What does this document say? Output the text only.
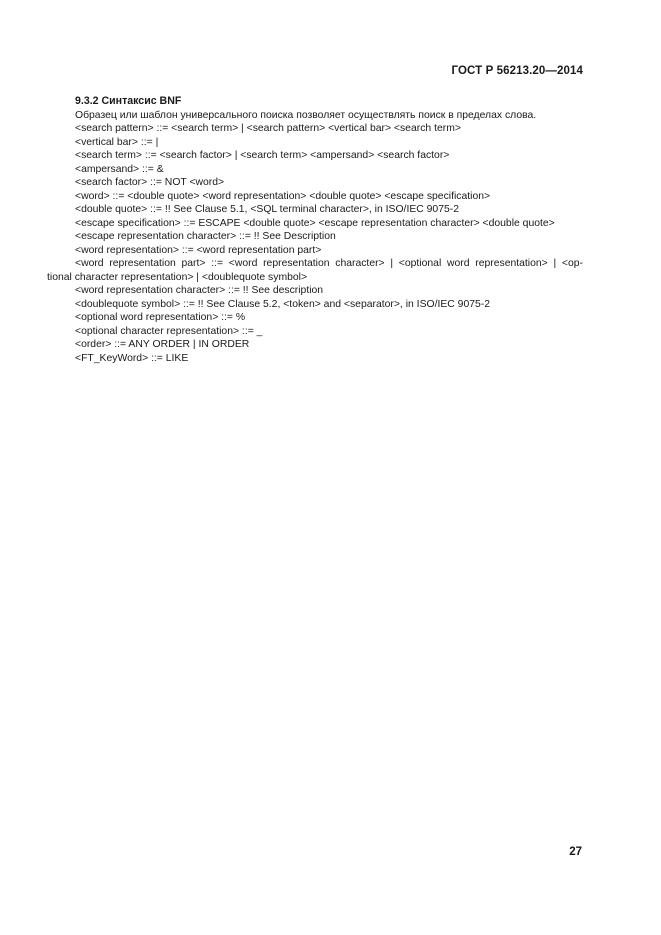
ГОСТ Р 56213.20—2014

9.3.2 Синтаксис BNF

Образец или шаблон универсального поиска позволяет осуществлять поиск в пределах слова.

<search pattern> ::= <search term> | <search pattern> <vertical bar> <search term>

<vertical bar> ::= |

<search term> ::= <search factor> | <search term> <ampersand> <search factor>

<ampersand> ::= &

<search factor> ::= NOT <word>

<word> ::= <double quote> <word representation> <double quote> <escape specification>

<double quote> ::= !! See Clause 5.1, <SQL terminal character>, in ISO/IEC 9075-2

<escape specification> ::= ESCAPE <double quote> <escape representation character> <double quote>

<escape representation character> ::= !! See Description

<word representation> ::= <word representation part>

<word representation part> ::= <word representation character> | <optional word representation> | <op-

tional character representation> | <doublequote symbol>

<word representation character> ::= !! See description

<doublequote symbol> ::= !! See Clause 5.2, <token> and <separator>, in ISO/IEC 9075-2

<optional word representation> ::= %

<optional character representation> ::= _

<order> ::= ANY ORDER | IN ORDER

<FT_KeyWord> ::= LIKE

27
